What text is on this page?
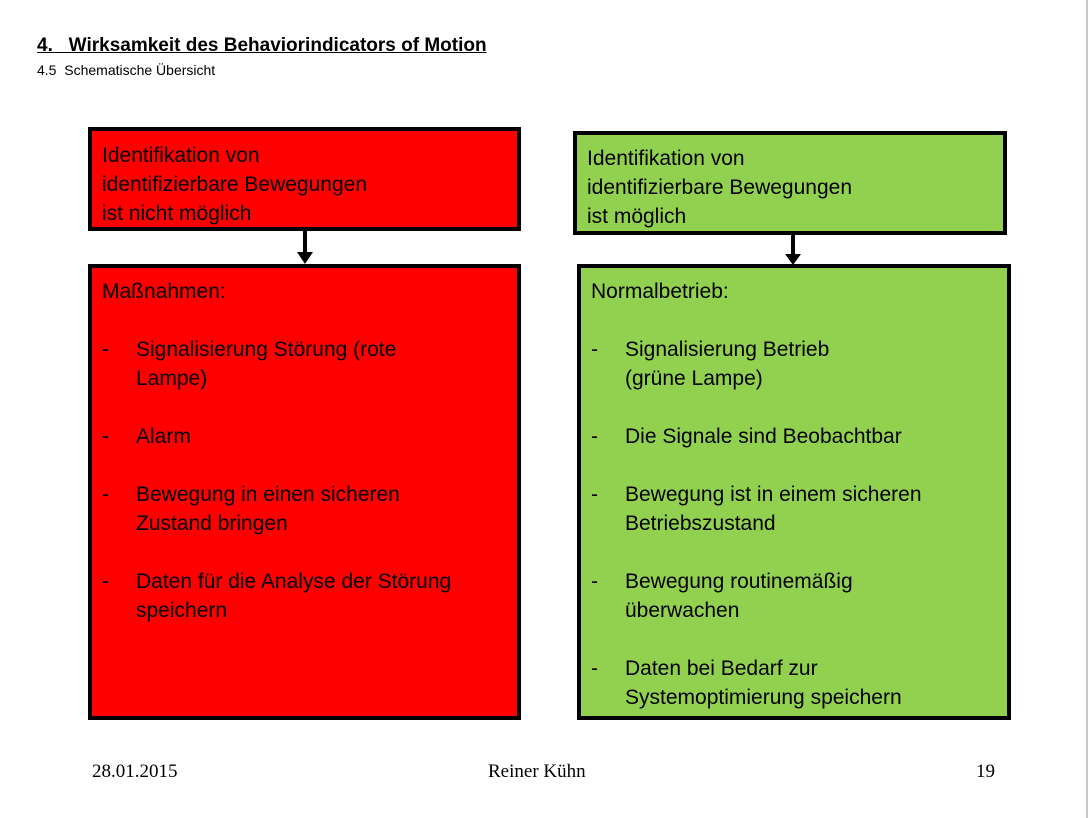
4.   Wirksamkeit des Behaviorindicators of Motion
4.5  Schematische Übersicht
Identifikation von
identifizierbare Bewegungen
ist nicht möglich
Maßnahmen:
-	Signalisierung Störung (rote
Lampe)
-	Alarm
-	Bewegung in einen sicheren
Zustand bringen
-	Daten für die Analyse der Störung
speichern
Identifikation von
identifizierbare Bewegungen
ist möglich
Normalbetrieb:
-	Signalisierung Betrieb
(grüne Lampe)
-	Die Signale sind Beobachtbar
-	Bewegung ist in einem sicheren
Betriebszustand
-	Bewegung routinemäßig
überwachen
-	Daten bei Bedarf zur
Systemoptimierung speichern
28.01.2015	Reiner Kühn	19
